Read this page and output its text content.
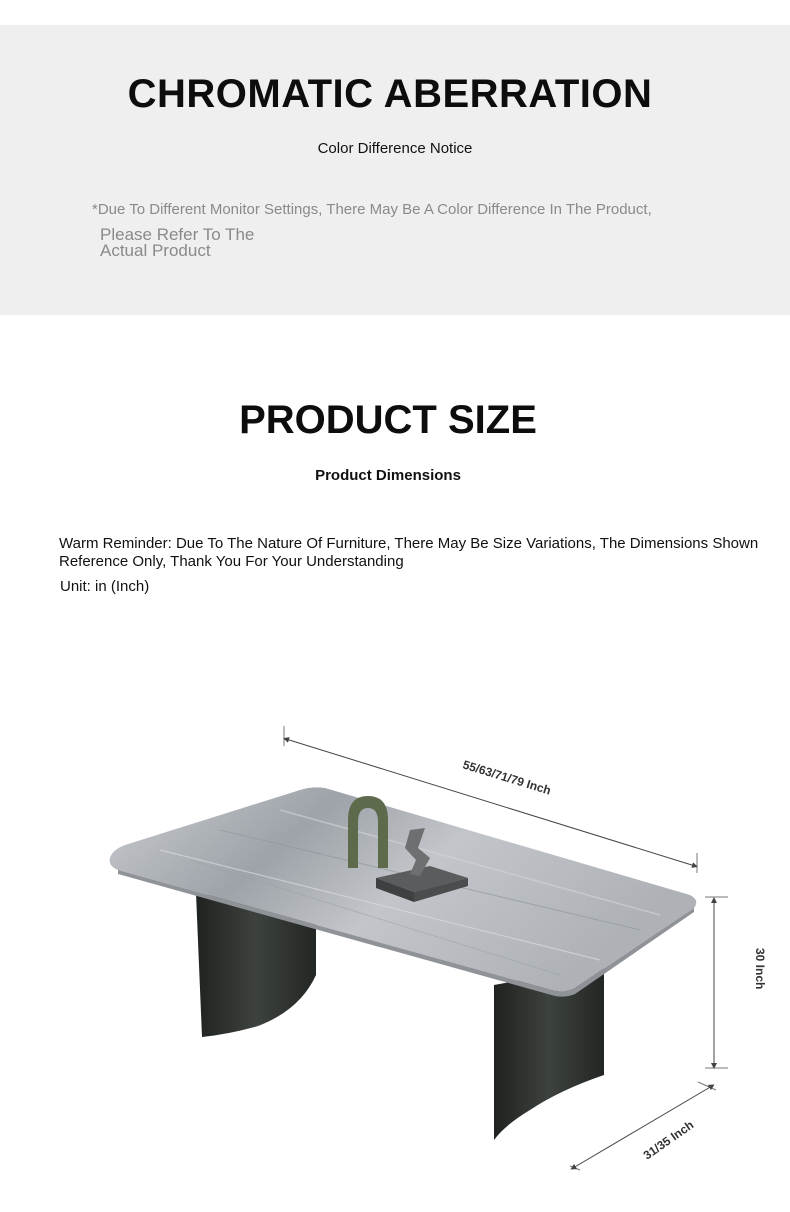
CHROMATIC ABERRATION
Color Difference Notice
*Due To Different Monitor Settings, There May Be A Color Difference In The Product,
Please Refer To The
Actual Product
PRODUCT SIZE
Product Dimensions
Warm Reminder: Due To The Nature Of Furniture, There May Be Size Variations, The Dimensions Shown
Reference Only, Thank You For Your Understanding
Unit: in (Inch)
55/63/71/79 Inch
30 Inch
31/35 Inch
